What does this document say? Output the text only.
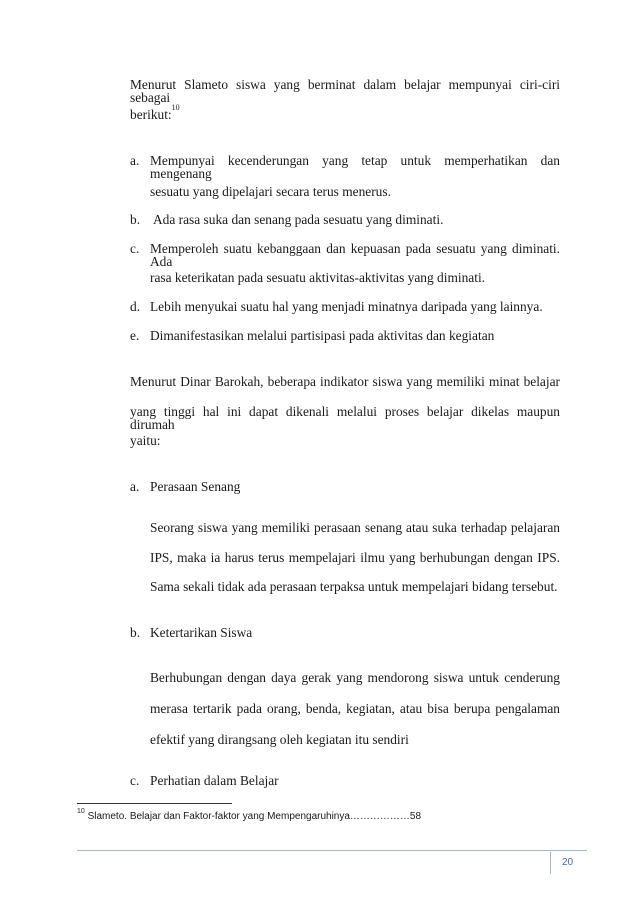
Menurut Slameto siswa yang berminat dalam belajar mempunyai ciri-ciri sebagai
berikut:$^{10}$
a. Mempunyai kecenderungan yang tetap untuk memperhatikan dan mengenang
sesuatu yang dipelajari secara terus menerus.
b. Ada rasa suka dan senang pada sesuatu yang diminati.
c. Memperoleh suatu kebanggaan dan kepuasan pada sesuatu yang diminati. Ada
rasa keterikatan pada sesuatu aktivitas-aktivitas yang diminati.
d. Lebih menyukai suatu hal yang menjadi minatnya daripada yang lainnya.
e. Dimanifestasikan melalui partisipasi pada aktivitas dan kegiatan
Menurut Dinar Barokah, beberapa indikator siswa yang memiliki minat belajar
yang tinggi hal ini dapat dikenali melalui proses belajar dikelas maupun dirumah
yaitu:
a. Perasaan Senang
Seorang siswa yang memiliki perasaan senang atau suka terhadap pelajaran
IPS, maka ia harus terus mempelajari ilmu yang berhubungan dengan IPS.
Sama sekali tidak ada perasaan terpaksa untuk mempelajari bidang tersebut.
b. Ketertarikan Siswa
Berhubungan dengan daya gerak yang mendorong siswa untuk cenderung
merasa tertarik pada orang, benda, kegiatan, atau bisa berupa pengalaman
efektif yang dirangsang oleh kegiatan itu sendiri
c. Perhatian dalam Belajar
$^{10}$ Slameto. Belajar dan Faktor-faktor yang Mempengaruhinya………………58
20
